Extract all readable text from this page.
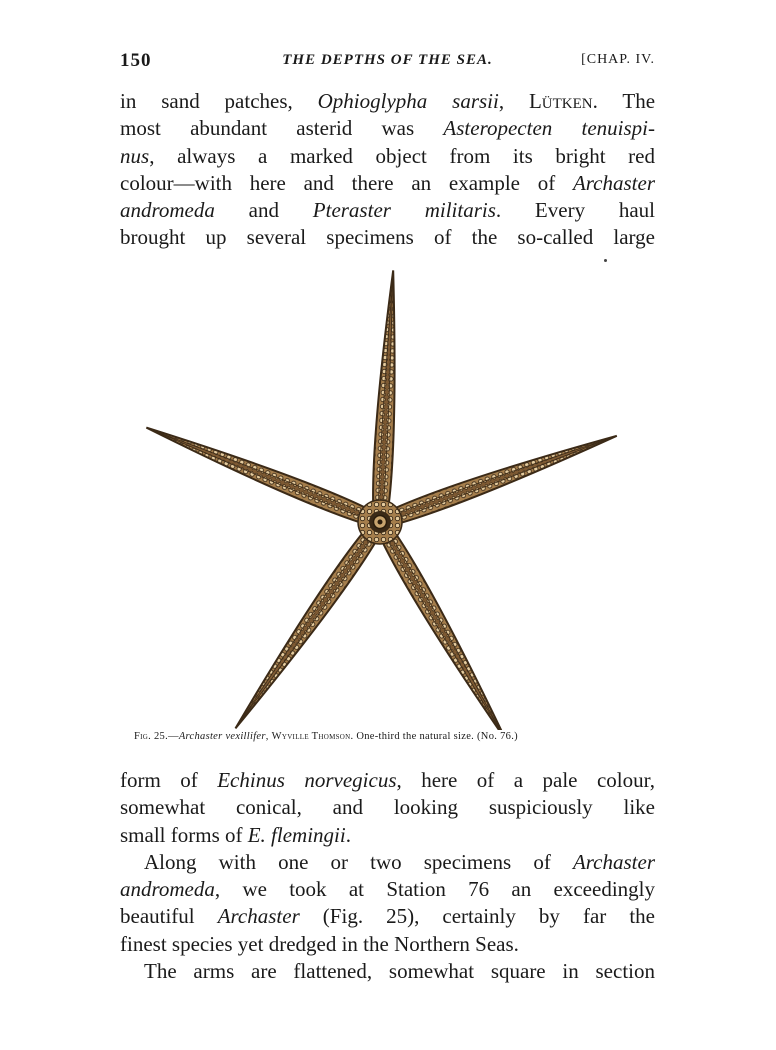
150	THE DEPTHS OF THE SEA.	[CHAP. IV.
in sand patches, Ophioglypha sarsii, Lütken. The
most abundant asterid was Asteropecten tenuispi-
nus, always a marked object from its bright red
colour—with here and there an example of Archaster
andromeda and Pteraster militaris. Every haul
brought up several specimens of the so-called large
Fig. 25.—Archaster vexillifer, Wyville Thomson. One-third the natural size. (No. 76.)
form of Echinus norvegicus, here of a pale colour,
somewhat conical, and looking suspiciously like
small forms of E. flemingii.
Along with one or two specimens of Archaster
andromeda, we took at Station 76 an exceedingly
beautiful Archaster (Fig. 25), certainly by far the
finest species yet dredged in the Northern Seas.
The arms are flattened, somewhat square in section
